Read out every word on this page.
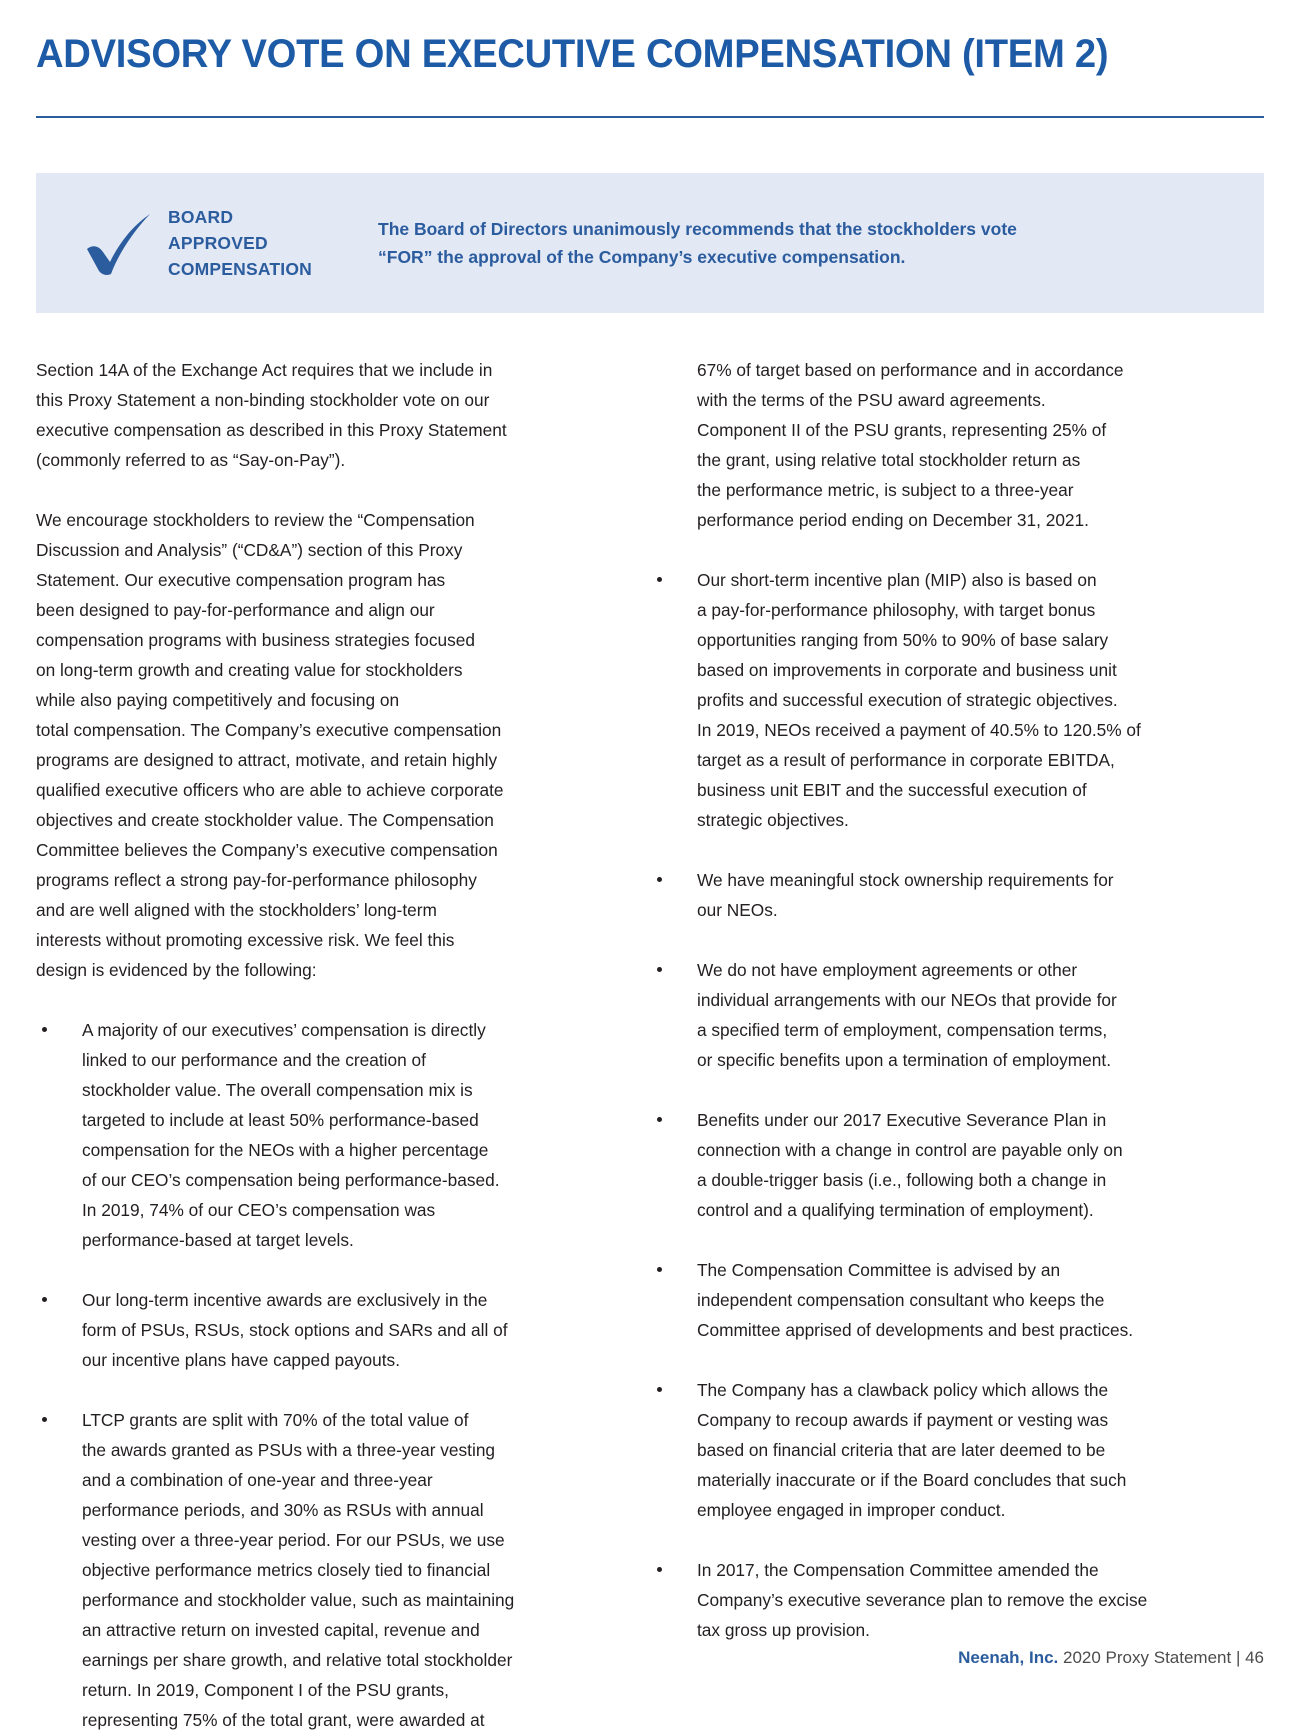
ADVISORY VOTE ON EXECUTIVE COMPENSATION (ITEM 2)
BOARD
APPROVED
COMPENSATION
The Board of Directors unanimously recommends that the stockholders vote
“FOR” the approval of the Company’s executive compensation.

Section 14A of the Exchange Act requires that we include in
this Proxy Statement a non-binding stockholder vote on our
executive compensation as described in this Proxy Statement
(commonly referred to as “Say-on-Pay”).

We encourage stockholders to review the “Compensation
Discussion and Analysis” (“CD&A”) section of this Proxy
Statement. Our executive compensation program has
been designed to pay-for-performance and align our
compensation programs with business strategies focused
on long-term growth and creating value for stockholders
while also paying competitively and focusing on
total compensation. The Company’s executive compensation
programs are designed to attract, motivate, and retain highly
qualified executive officers who are able to achieve corporate
objectives and create stockholder value. The Compensation
Committee believes the Company’s executive compensation
programs reflect a strong pay-for-performance philosophy
and are well aligned with the stockholders’ long-term
interests without promoting excessive risk. We feel this
design is evidenced by the following:

A majority of our executives’ compensation is directly
linked to our performance and the creation of
stockholder value. The overall compensation mix is
targeted to include at least 50% performance-based
compensation for the NEOs with a higher percentage
of our CEO’s compensation being performance-based.
In 2019, 74% of our CEO’s compensation was
performance-based at target levels.
Our long-term incentive awards are exclusively in the
form of PSUs, RSUs, stock options and SARs and all of
our incentive plans have capped payouts.
LTCP grants are split with 70% of the total value of
the awards granted as PSUs with a three-year vesting
and a combination of one-year and three-year
performance periods, and 30% as RSUs with annual
vesting over a three-year period. For our PSUs, we use
objective performance metrics closely tied to financial
performance and stockholder value, such as maintaining
an attractive return on invested capital, revenue and
earnings per share growth, and relative total stockholder
return. In 2019, Component I of the PSU grants,
representing 75% of the total grant, were awarded at

67% of target based on performance and in accordance
with the terms of the PSU award agreements.
Component II of the PSU grants, representing 25% of
the grant, using relative total stockholder return as
the performance metric, is subject to a three-year
performance period ending on December 31, 2021.

Our short-term incentive plan (MIP) also is based on
a pay-for-performance philosophy, with target bonus
opportunities ranging from 50% to 90% of base salary
based on improvements in corporate and business unit
profits and successful execution of strategic objectives.
In 2019, NEOs received a payment of 40.5% to 120.5% of
target as a result of performance in corporate EBITDA,
business unit EBIT and the successful execution of
strategic objectives.
We have meaningful stock ownership requirements for
our NEOs.
We do not have employment agreements or other
individual arrangements with our NEOs that provide for
a specified term of employment, compensation terms,
or specific benefits upon a termination of employment.
Benefits under our 2017 Executive Severance Plan in
connection with a change in control are payable only on
a double-trigger basis (i.e., following both a change in
control and a qualifying termination of employment).
The Compensation Committee is advised by an
independent compensation consultant who keeps the
Committee apprised of developments and best practices.
The Company has a clawback policy which allows the
Company to recoup awards if payment or vesting was
based on financial criteria that are later deemed to be
materially inaccurate or if the Board concludes that such
employee engaged in improper conduct.
In 2017, the Compensation Committee amended the
Company’s executive severance plan to remove the excise
tax gross up provision.
Neenah, Inc. 2020 Proxy Statement | 46
